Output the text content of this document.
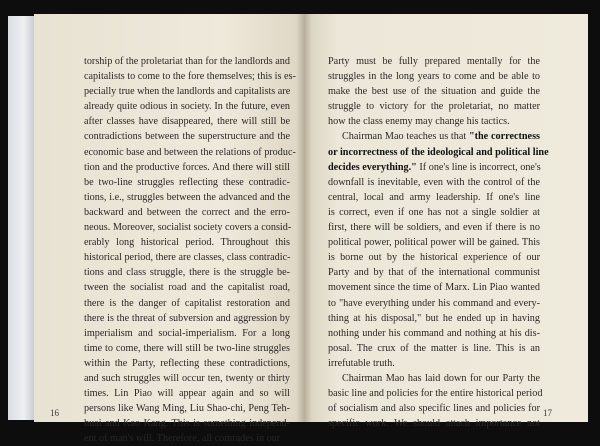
torship of the proletariat than for the landlords and
capitalists to come to the fore themselves; this is es-
pecially true when the landlords and capitalists are
already quite odious in society. In the future, even
after classes have disappeared, there will still be
contradictions between the superstructure and the
economic base and between the relations of produc-
tion and the productive forces. And there will still
be two-line struggles reflecting these contradic-
tions, i.e., struggles between the advanced and the
backward and between the correct and the erro-
neous. Moreover, socialist society covers a consid-
erably long historical period. Throughout this
historical period, there are classes, class contradic-
tions and class struggle, there is the struggle be-
tween the socialist road and the capitalist road,
there is the danger of capitalist restoration and
there is the threat of subversion and aggression by
imperialism and social-imperialism. For a long
time to come, there will still be two-line struggles
within the Party, reflecting these contradictions,
and such struggles will occur ten, twenty or thirty
times. Lin Piao will appear again and so will
persons like Wang Ming, Liu Shao-chi, Peng Teh-
huai and Kao Kang. This is something independ-
ent of man's will. Therefore, all comrades in our
Party must be fully prepared mentally for the
struggles in the long years to come and be able to
make the best use of the situation and guide the
struggle to victory for the proletariat, no matter
how the class enemy may change his tactics.
Chairman Mao teaches us that "the correctness
or incorrectness of the ideological and political line
decides everything." If one's line is incorrect, one's
downfall is inevitable, even with the control of the
central, local and army leadership. If one's line
is correct, even if one has not a single soldier at
first, there will be soldiers, and even if there is no
political power, political power will be gained. This
is borne out by the historical experience of our
Party and by that of the international communist
movement since the time of Marx. Lin Piao wanted
to "have everything under his command and every-
thing at his disposal," but he ended up in having
nothing under his command and nothing at his dis-
posal. The crux of the matter is line. This is an
irrefutable truth.
Chairman Mao has laid down for our Party the
basic line and policies for the entire historical period
of socialism and also specific lines and policies for
specific work. We should attach importance not
16	17
